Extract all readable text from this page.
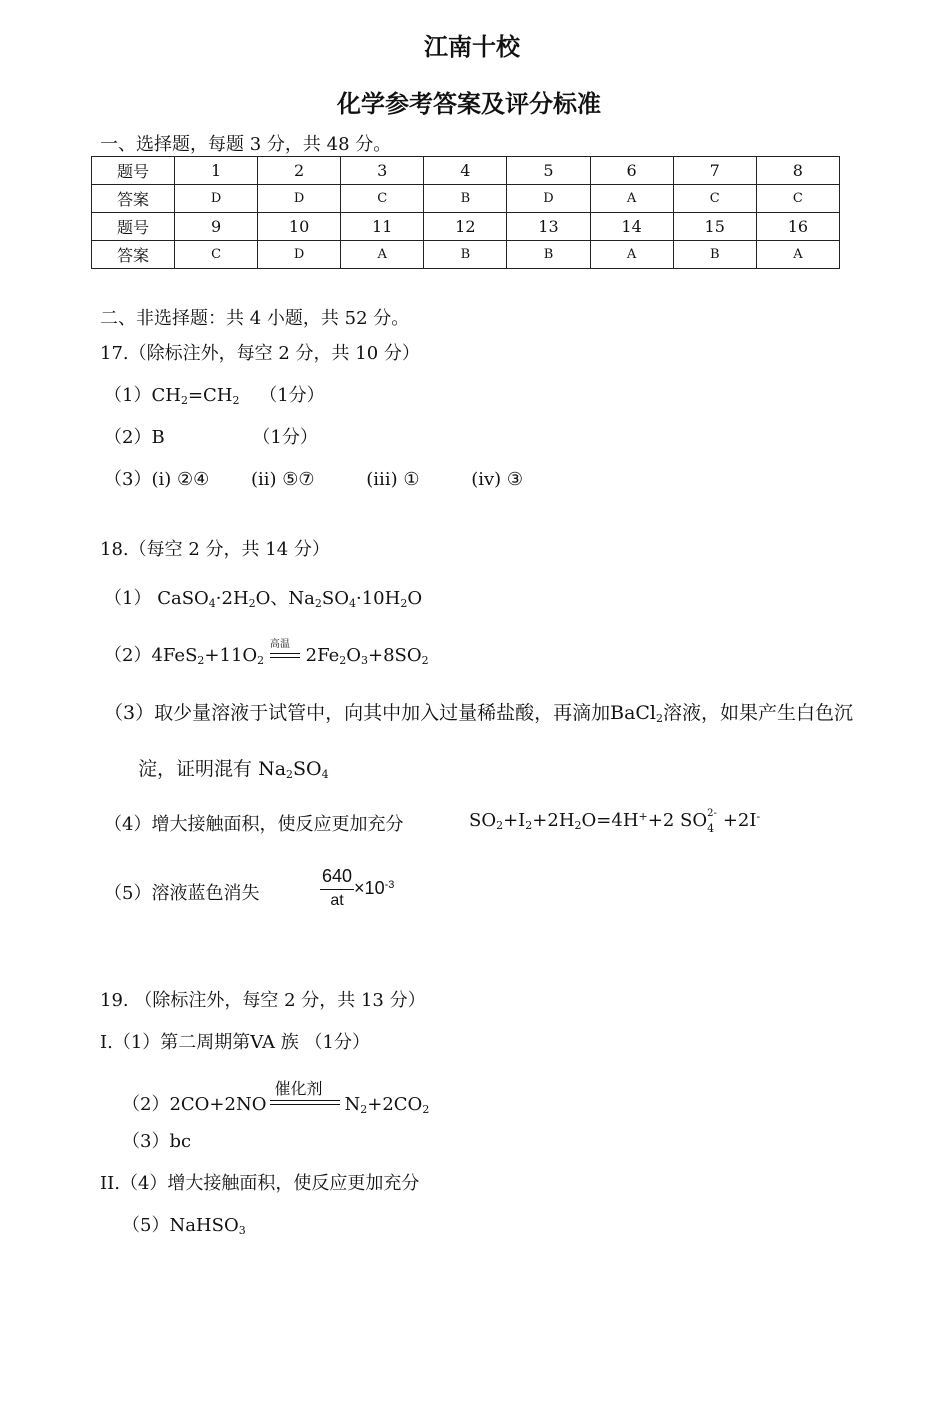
江南十校
化学参考答案及评分标准
一、选择题，每题 3 分，共 48 分。
题号	1	2	3	4	5	6	7	8
答案	D	D	C	B	D	A	C	C
题号	9	10	11	12	13	14	15	16
答案	C	D	A	B	B	A	B	A
二、非选择题：共 4 小题，共 52 分。
17.（除标注外，每空 2 分，共 10 分）
$(1)CH_2=CH_2$ （1分）
（2）B	（1分）
（3）(i) ②④ (ii) ⑤⑦	(iii) ①	(iv) ③
18.（每空 2 分，共 14 分）
（1） $CaSO_4\cdot 2H_2O$、$Na_2SO_4\cdot 10H_2O$
$(2)4FeS_2+11O_2$
高温
$2Fe_2O_3+8SO_2$
（3）取少量溶液于试管中，向其中加入过量稀盐酸，再滴加BaCl$_2$溶液，如果产生白色沉
淀，证明混有 $Na_2SO_4$
（4）增大接触面积，使反应更加充分	$SO_2+I_2+2H_2O=4H^++2$ SO 2-
4 +2I-
（5）溶液蓝色消失	$\frac{640}{at} \times 10^{-3}$
19. （除标注外，每空 2 分，共 13 分）
I.（1）第二周期第VA 族 （1分）
（2）2CO+2NO
催化剂
$N_2+2CO_2$
（3）bc
II.（4）增大接触面积，使反应更加充分
（5）NaHSO$_3$
